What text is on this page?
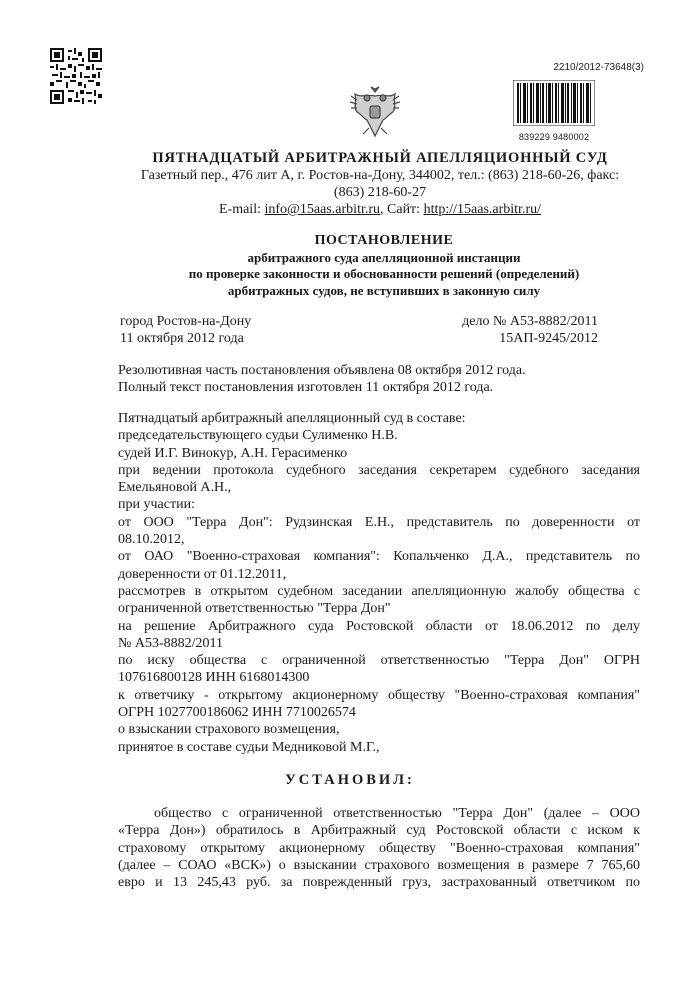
2210/2012-73648(3)
839229 9480002
ПЯТНАДЦАТЫЙ АРБИТРАЖНЫЙ АПЕЛЛЯЦИОННЫЙ СУД
Газетный пер., 476 лит А, г. Ростов-на-Дону, 344002, тел.: (863) 218-60-26, факс:
(863) 218-60-27
E-mail: info@15aas.arbitr.ru, Сайт: http://15aas.arbitr.ru/
ПОСТАНОВЛЕНИЕ
арбитражного суда апелляционной инстанции
по проверке законности и обоснованности решений (определений)
арбитражных судов, не вступивших в законную силу
город Ростов-на-Дону
11 октября 2012 года
дело № А53-8882/2011
15АП-9245/2012
Резолютивная часть постановления объявлена 08 октября 2012 года.
Полный текст постановления изготовлен 11 октября 2012 года.
Пятнадцатый арбитражный апелляционный суд в составе:
председательствующего судьи Сулименко Н.В.
судей И.Г. Винокур, А.Н. Герасименко
при ведении протокола судебного заседания секретарем судебного заседания
Емельяновой А.Н.,
при участии:
от ООО "Терра Дон": Рудзинская Е.Н., представитель по доверенности от
08.10.2012,
от ОАО "Военно-страховая компания": Копальченко Д.А., представитель по
доверенности от 01.12.2011,
рассмотрев в открытом судебном заседании апелляционную жалобу общества с
ограниченной ответственностью "Терра Дон"
на решение Арбитражного суда Ростовской области от 18.06.2012 по делу
№ А53-8882/2011
по иску общества с ограниченной ответственностью "Терра Дон" ОГРН
107616800128 ИНН 6168014300
к ответчику - открытому акционерному обществу "Военно-страховая компания"
ОГРН 1027700186062 ИНН 7710026574
о взыскании страхового возмещения,
принятое в составе судьи Медниковой М.Г.,
УСТАНОВИЛ:
общество с ограниченной ответственностью "Терра Дон" (далее – ООО
«Терра Дон») обратилось в Арбитражный суд Ростовской области с иском к
страховому открытому акционерному обществу "Военно-страховая компания"
(далее – СОАО «ВСК») о взыскании страхового возмещения в размере 7 765,60
евро и 13 245,43 руб. за поврежденный груз, застрахованный ответчиком по
